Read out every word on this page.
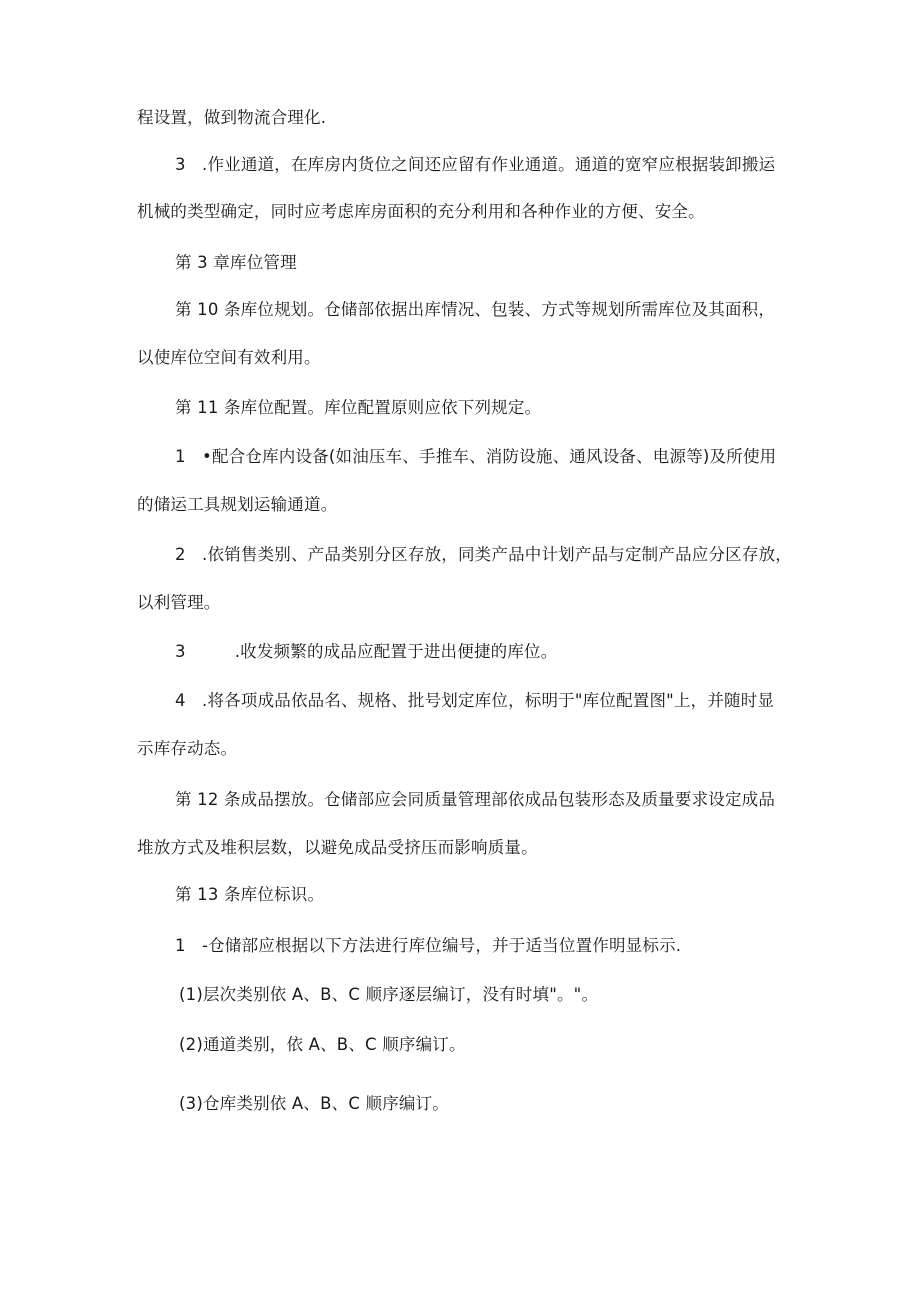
程设置，做到物流合理化.
3   .作业通道，在库房内货位之间还应留有作业通道。通道的宽窄应根据装卸搬运
机械的类型确定，同时应考虑库房面积的充分利用和各种作业的方便、安全。
第 3 章库位管理
第 10 条库位规划。仓储部依据出库情况、包装、方式等规划所需库位及其面积，
以使库位空间有效利用。
第 11 条库位配置。库位配置原则应依下列规定。
1   •配合仓库内设备(如油压车、手推车、消防设施、通风设备、电源等)及所使用
的储运工具规划运输通道。
2   .依销售类别、产品类别分区存放，同类产品中计划产品与定制产品应分区存放，
以利管理。
3         .收发频繁的成品应配置于进出便捷的库位。
4   .将各项成品依品名、规格、批号划定库位，标明于"库位配置图"上，并随时显
示库存动态。
第 12 条成品摆放。仓储部应会同质量管理部依成品包装形态及质量要求设定成品
堆放方式及堆积层数，以避免成品受挤压而影响质量。
第 13 条库位标识。
1   -仓储部应根据以下方法进行库位编号，并于适当位置作明显标示.
(1)层次类别依 A、B、C 顺序逐层编订，没有时填"。"。
(2)通道类别，依 A、B、C 顺序编订。
(3)仓库类别依 A、B、C 顺序编订。
